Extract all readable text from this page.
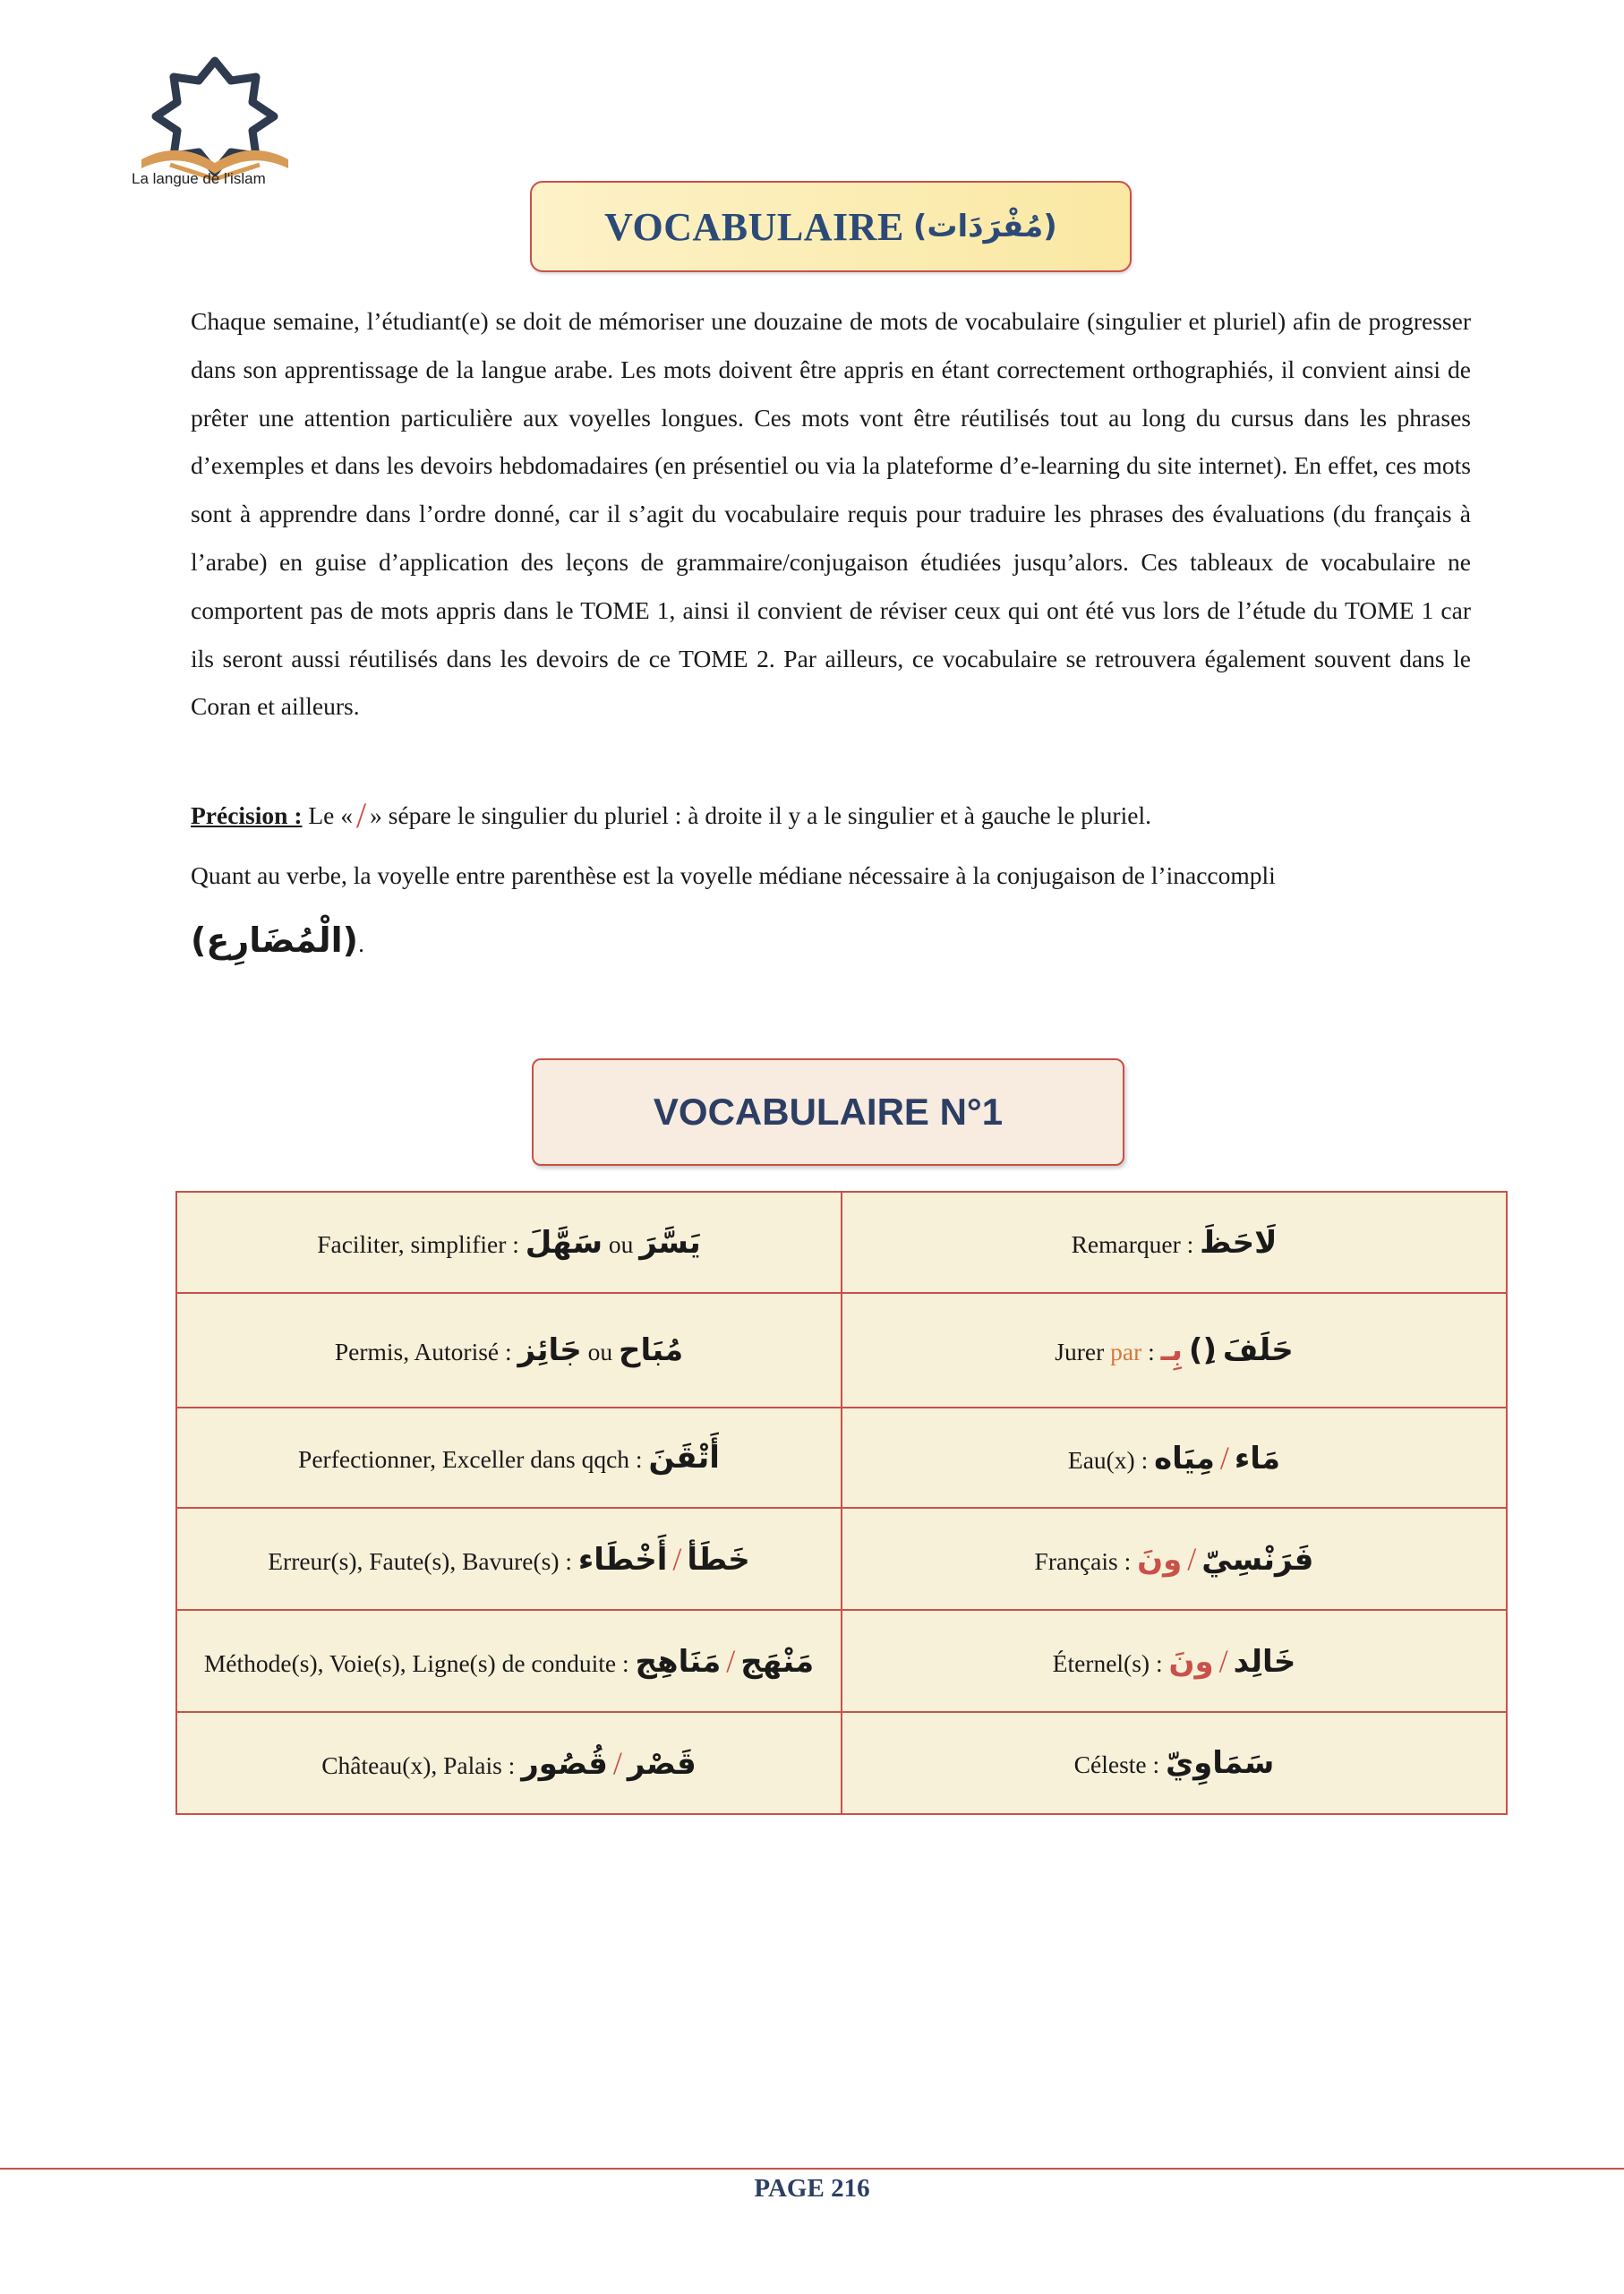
La langue de l'islam
VOCABULAIRE (مُفْرَدَات)

Chaque semaine, l’étudiant(e) se doit de mémoriser une douzaine de mots de vocabulaire (singulier et pluriel) afin de progresser dans son apprentissage de la langue arabe. Les mots doivent être appris en étant correctement orthographiés, il convient ainsi de prêter une attention particulière aux voyelles longues. Ces mots vont être réutilisés tout au long du cursus dans les phrases d’exemples et dans les devoirs hebdomadaires (en présentiel ou via la plateforme d’e-learning du site internet). En effet, ces mots sont à apprendre dans l’ordre donné, car il s’agit du vocabulaire requis pour traduire les phrases des évaluations (du français à l’arabe) en guise d’application des leçons de grammaire/conjugaison étudiées jusqu’alors. Ces tableaux de vocabulaire ne comportent pas de mots appris dans le TOME 1, ainsi il convient de réviser ceux qui ont été vus lors de l’étude du TOME 1 car ils seront aussi réutilisés dans les devoirs de ce TOME 2. Par ailleurs, ce vocabulaire se retrouvera également souvent dans le Coran et ailleurs.

Précision : Le « / » sépare le singulier du pluriel : à droite il y a le singulier et à gauche le pluriel.

Quant au verbe, la voyelle entre parenthèse est la voyelle médiane nécessaire à la conjugaison de l’inaccompli

(الْمُضَارِع).

VOCABULAIRE N°1
Faciliter, simplifier : سَهَّلَ ou يَسَّرَ	Remarquer : لَاحَظَ
Permis, Autorisé : جَائِز ou مُبَاح	Jurer par : بِـ (ِ) حَلَفَ
Perfectionner, Exceller dans qqch : أَتْقَنَ	Eau(x) : مِيَاه / مَاء
Erreur(s), Faute(s), Bavure(s) : أَخْطَاء / خَطَأ	Français : ونَ / فَرَنْسِيّ
Méthode(s), Voie(s), Ligne(s) de conduite : مَنَاهِج / مَنْهَج	Éternel(s) : ونَ / خَالِد
Château(x), Palais : قُصُور / قَصْر	Céleste : سَمَاوِيّ
PAGE 216
